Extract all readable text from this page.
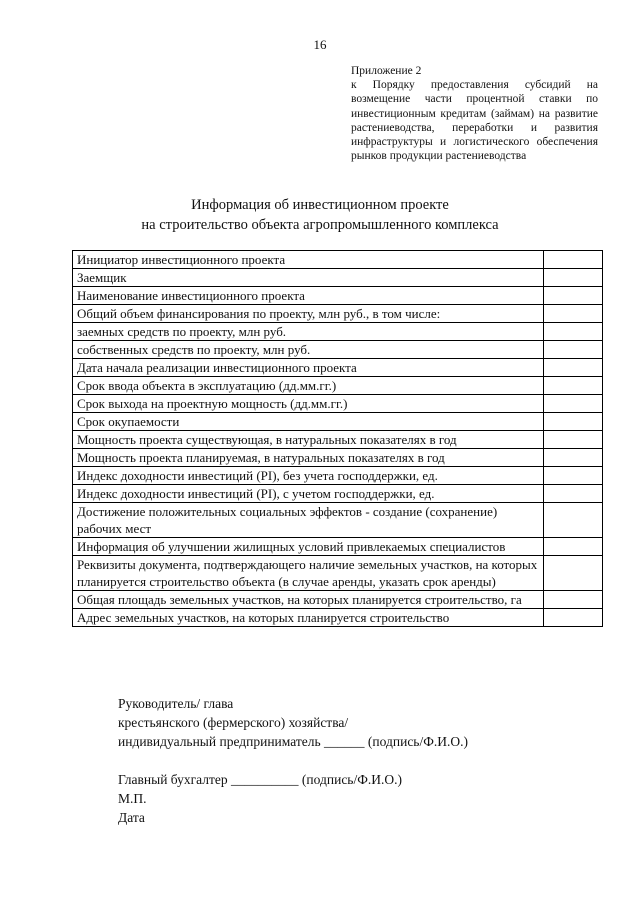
16
Приложение 2
к Порядку предоставления субсидий на возмещение части процентной ставки по инвестиционным кредитам (займам) на развитие растениеводства, переработки и развития инфраструктуры и логистического обеспечения рынков продукции растениеводства
Информация об инвестиционном проекте
на строительство объекта агропромышленного комплекса
Инициатор инвестиционного проекта	
Заемщик	
Наименование инвестиционного проекта	
Общий объем финансирования по проекту, млн руб., в том числе:	
заемных средств по проекту, млн руб.	
собственных средств по проекту, млн руб.	
Дата начала реализации инвестиционного проекта	
Срок ввода объекта в эксплуатацию (дд.мм.гг.)	
Срок выхода на проектную мощность (дд.мм.гг.)	
Срок окупаемости	
Мощность проекта существующая, в натуральных показателях в год	
Мощность проекта планируемая, в натуральных показателях в год	
Индекс доходности инвестиций (PI), без учета господдержки, ед.	
Индекс доходности инвестиций (PI), с учетом господдержки, ед.	
Достижение положительных социальных эффектов - создание (сохранение) рабочих мест	
Информация об улучшении жилищных условий привлекаемых специалистов	
Реквизиты документа, подтверждающего наличие земельных участков, на которых планируется строительство объекта (в случае аренды, указать срок аренды)	
Общая площадь земельных участков, на которых планируется строительство, га	
Адрес земельных участков, на которых планируется строительство	
Руководитель/ глава
крестьянского (фермерского) хозяйства/
индивидуальный предприниматель ______ (подпись/Ф.И.О.)
Главный бухгалтер __________ (подпись/Ф.И.О.)
М.П.
Дата
